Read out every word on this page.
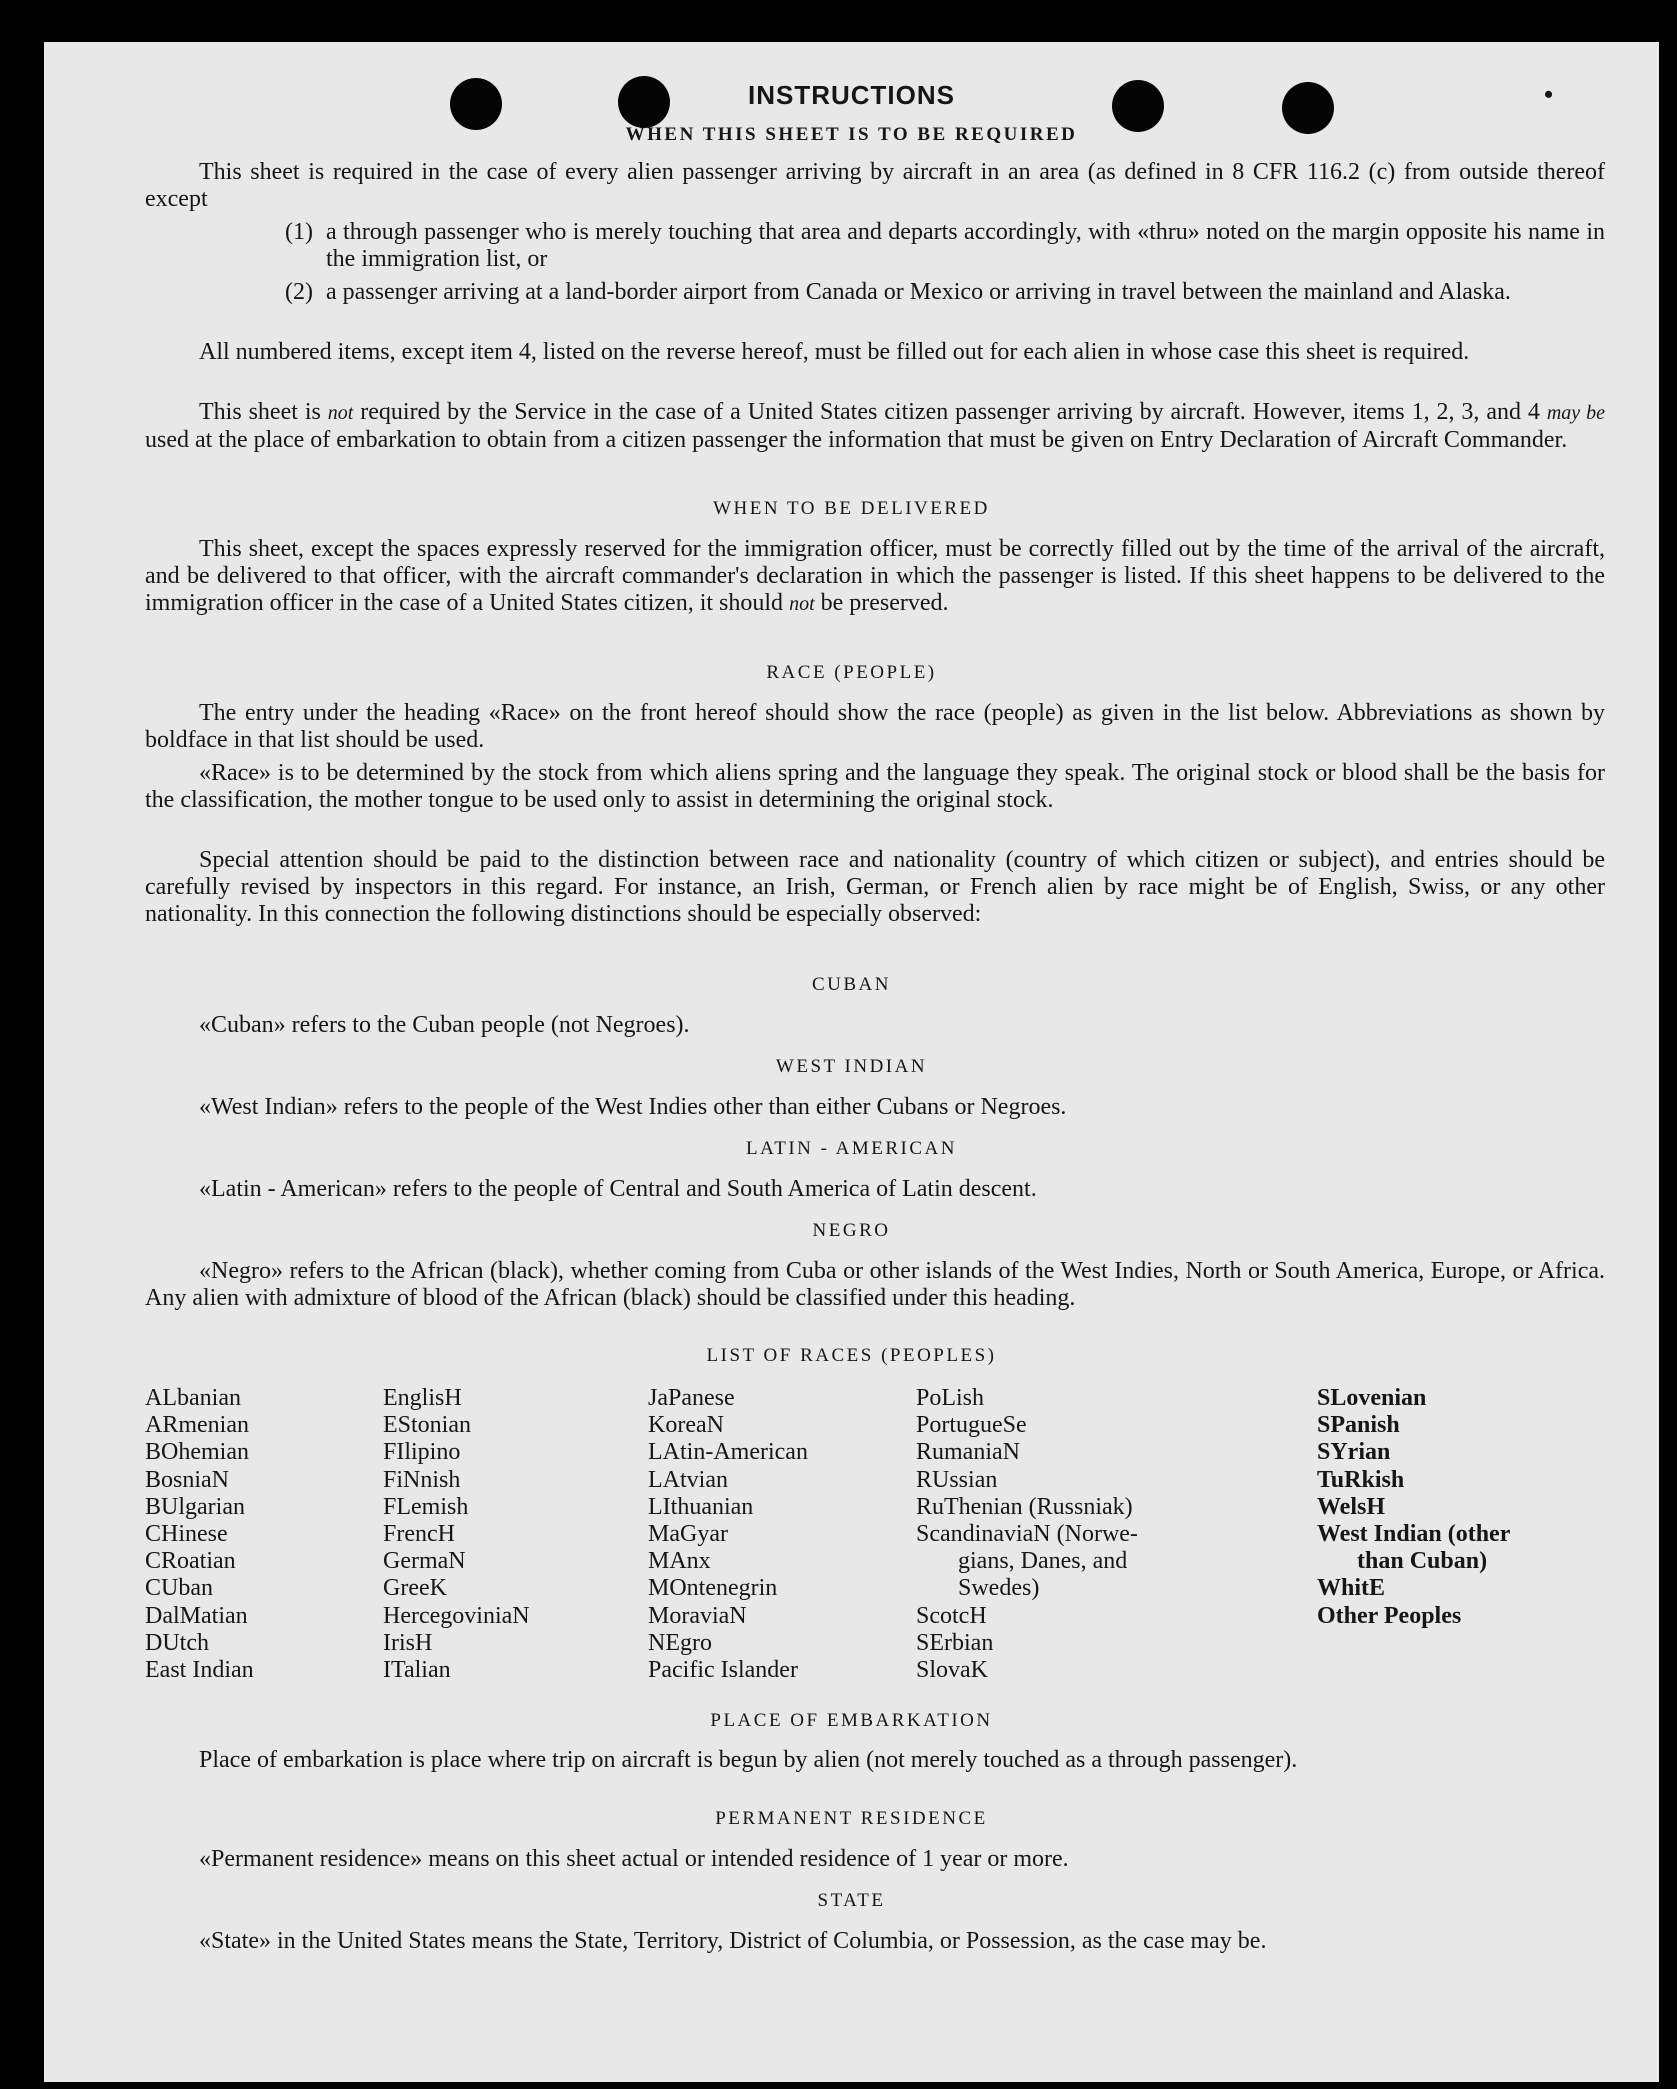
•
INSTRUCTIONS
WHEN THIS SHEET IS TO BE REQUIRED
This sheet is required in the case of every alien passenger arriving by aircraft in an area (as defined in 8 CFR 116.2 (c) from outside thereof except
(1) a through passenger who is merely touching that area and departs accordingly, with «thru» noted on the margin opposite his name in the immigration list, or
(2) a passenger arriving at a land-border airport from Canada or Mexico or arriving in travel between the mainland and Alaska.
All numbered items, except item 4, listed on the reverse hereof, must be filled out for each alien in whose case this sheet is required.
This sheet is not required by the Service in the case of a United States citizen passenger arriving by aircraft. However, items 1, 2, 3, and 4 may be used at the place of embarkation to obtain from a citizen passenger the information that must be given on Entry Declaration of Aircraft Commander.
WHEN TO BE DELIVERED
This sheet, except the spaces expressly reserved for the immigration officer, must be correctly filled out by the time of the arrival of the aircraft, and be delivered to that officer, with the aircraft commander's declaration in which the passenger is listed. If this sheet happens to be delivered to the immigration officer in the case of a United States citizen, it should not be preserved.
RACE (PEOPLE)
The entry under the heading «Race» on the front hereof should show the race (people) as given in the list below. Abbreviations as shown by boldface in that list should be used.
«Race» is to be determined by the stock from which aliens spring and the language they speak. The original stock or blood shall be the basis for the classification, the mother tongue to be used only to assist in determining the original stock.
Special attention should be paid to the distinction between race and nationality (country of which citizen or subject), and entries should be carefully revised by inspectors in this regard. For instance, an Irish, German, or French alien by race might be of English, Swiss, or any other nationality. In this connection the following distinctions should be especially observed:
CUBAN
«Cuban» refers to the Cuban people (not Negroes).
WEST INDIAN
«West Indian» refers to the people of the West Indies other than either Cubans or Negroes.
LATIN - AMERICAN
«Latin - American» refers to the people of Central and South America of Latin descent.
NEGRO
«Negro» refers to the African (black), whether coming from Cuba or other islands of the West Indies, North or South America, Europe, or Africa. Any alien with admixture of blood of the African (black) should be classified under this heading.
LIST OF RACES (PEOPLES)
ALbanian
ARmenian
BOhemian
BosniaN
BUlgarian
CHinese
CRoatian
CUban
DalMatian
DUtch
East Indian
EnglisH
EStonian
FIlipino
FiNnish
FLemish
FrencH
GermaN
GreeK
HercegoviniaN
IrisH
ITalian
JaPanese
KoreaN
LAtin-American
LAtvian
LIthuanian
MaGyar
MAnx
MOntenegrin
MoraviaN
NEgro
Pacific Islander
PoLish
PortugueSe
RumaniaN
RUssian
RuThenian (Russniak)
ScandinaviaN (Norwe-
gians, Danes, and
Swedes)
ScotcH
SErbian
SlovaK
SLovenian
SPanish
SYrian
TuRkish
WelsH
West Indian (other
than Cuban)
WhitE
Other Peoples
PLACE OF EMBARKATION
Place of embarkation is place where trip on aircraft is begun by alien (not merely touched as a through passenger).
PERMANENT RESIDENCE
«Permanent residence» means on this sheet actual or intended residence of 1 year or more.
STATE
«State» in the United States means the State, Territory, District of Columbia, or Possession, as the case may be.
